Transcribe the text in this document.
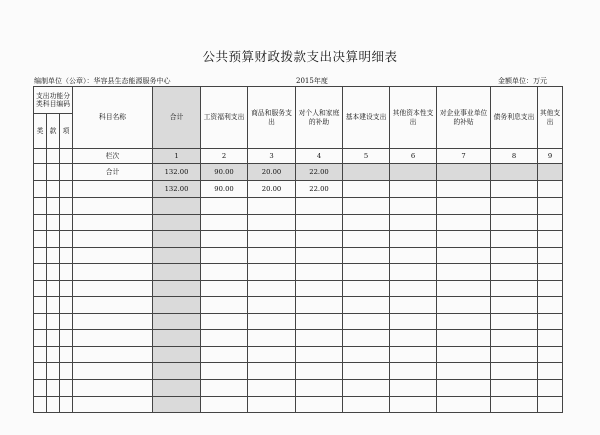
公共预算财政拨款支出决算明细表
编制单位（公章）：华容县生态能源服务中心	2015年度	金额单位：万元
支出功能分类科目编码			科目名称	合计	工资福利支出	商品和服务支出	对个人和家庭的补助	基本建设支出	其他资本性支出	对企业事业单位的补贴	债务利息支出	其他支出
类	款	项										
			栏次	1	2	3	4	5	6	7	8	9
			合计	132.00	90.00	20.00	22.00					
				132.00	90.00	20.00	22.00					
